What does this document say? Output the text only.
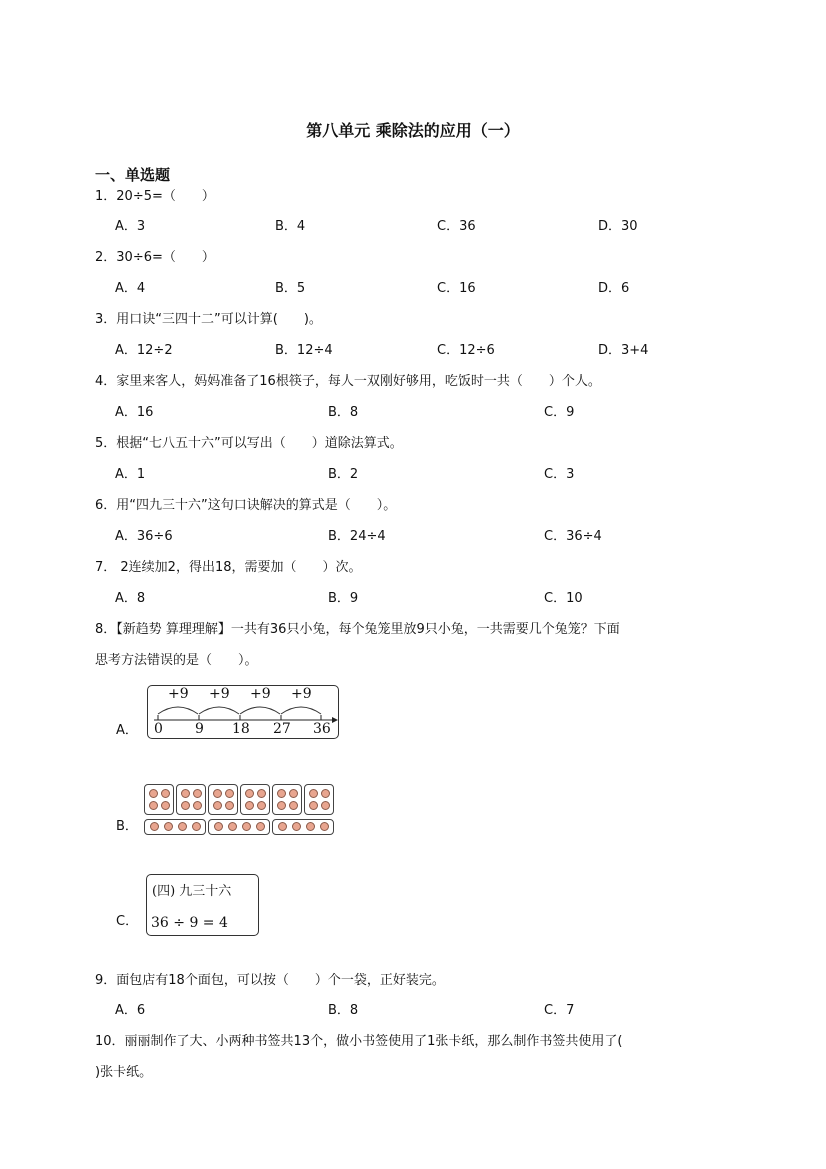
第八单元 乘除法的应用（一）
一、单选题
A．
+9 +9 +9 +9
0 9 18 27 36
B．
C．
(四) 九三十六
36 ÷ 9 = 4
1．20÷5=（　　）
A．3	B．4	C．36	D．30
2．30÷6=（　　）
A．4	B．5	C．16	D．6
3．用口诀“三四十二”可以计算(　　)。
A．12÷2	B．12÷4	C．12÷6	D．3+4
4．家里来客人，妈妈准备了16根筷子，每人一双刚好够用，吃饭时一共（　　）个人。
A．16	B．8	C．9
5．根据“七八五十六”可以写出（　　）道除法算式。
A．1	B．2	C．3
6．用“四九三十六”这句口诀解决的算式是（　　）。
A．36÷6	B．24÷4	C．36÷4
7． 2连续加2，得出18，需要加（　　）次。
A．8	B．9	C．10
8．【新趋势 算理理解】一共有36只小兔，每个兔笼里放9只小兔，一共需要几个兔笼？下面
思考方法错误的是（　　）。
9．面包店有18个面包，可以按（　　）个一袋，正好装完。
A．6	B．8	C．7
10．丽丽制作了大、小两种书签共13个，做小书签使用了1张卡纸，那么制作书签共使用了(
)张卡纸。
